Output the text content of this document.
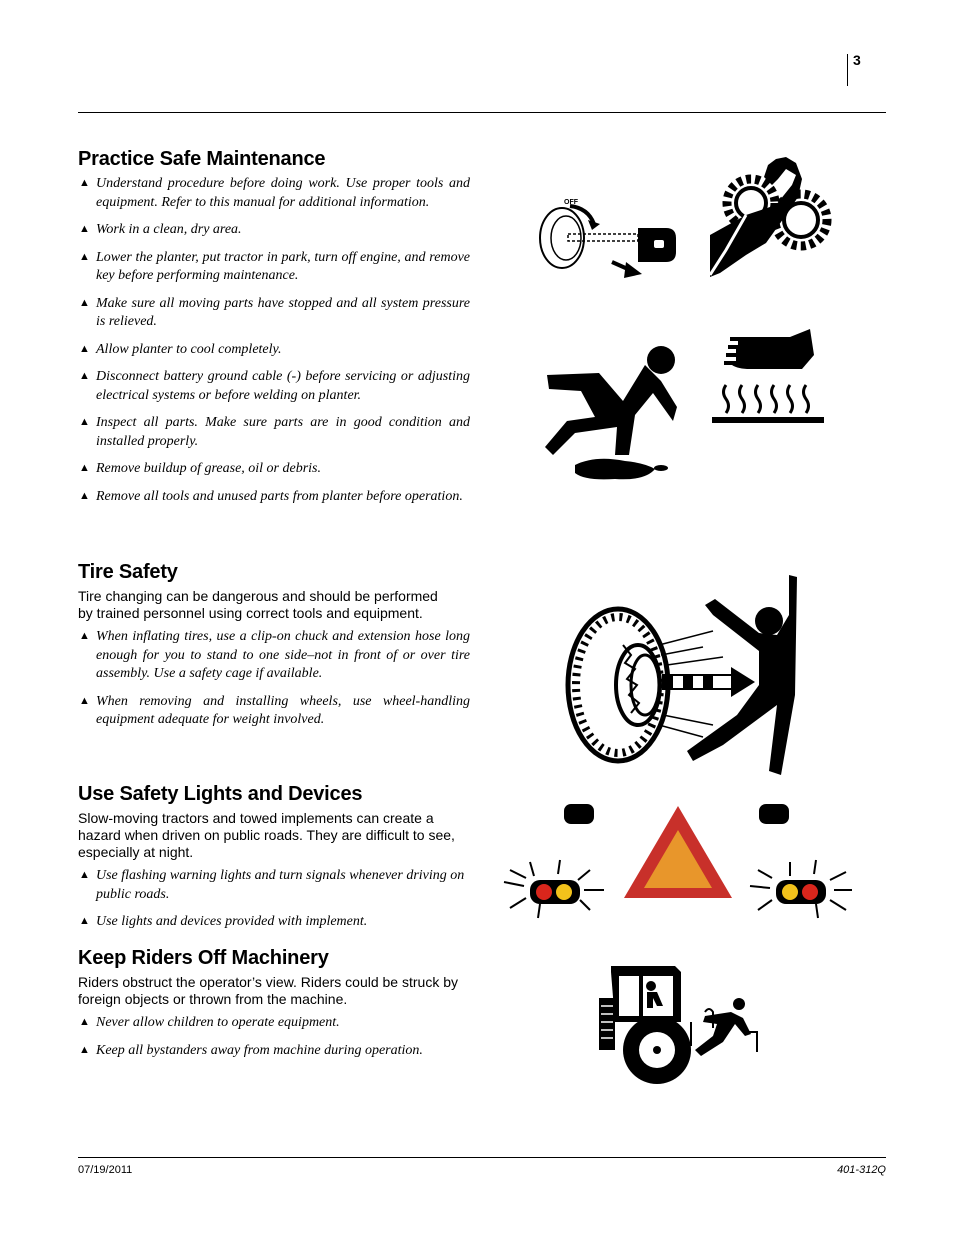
3
Practice Safe Maintenance
▲ Understand procedure before doing work. Use proper tools and equipment. Refer to this manual for additional information.
▲ Work in a clean, dry area.
▲ Lower the planter, put tractor in park, turn off engine, and remove key before performing maintenance.
▲ Make sure all moving parts have stopped and all system pressure is relieved.
▲ Allow planter to cool completely.
▲ Disconnect battery ground cable (-) before servicing or adjusting electrical systems or before welding on planter.
▲ Inspect all parts. Make sure parts are in good condition and installed properly.
▲ Remove buildup of grease, oil or debris.
▲ Remove all tools and unused parts from planter before operation.
Tire Safety

Tire changing can be dangerous and should be performed by trained personnel using correct tools and equipment.

▲ When inflating tires, use a clip-on chuck and extension hose long enough for you to stand to one side–not in front of or over tire assembly. Use a safety cage if available.
▲ When removing and installing wheels, use wheel-handling equipment adequate for weight involved.
Use Safety Lights and Devices

Slow-moving tractors and towed implements can create a hazard when driven on public roads. They are difficult to see, especially at night.

▲ Use flashing warning lights and turn signals whenever driving on public roads.
▲ Use lights and devices provided with implement.
Keep Riders Off Machinery

Riders obstruct the operator’s view. Riders could be struck by foreign objects or thrown from the machine.

▲ Never allow children to operate equipment.
▲ Keep all bystanders away from machine during operation.
OFF
07/19/2011	401-312Q
